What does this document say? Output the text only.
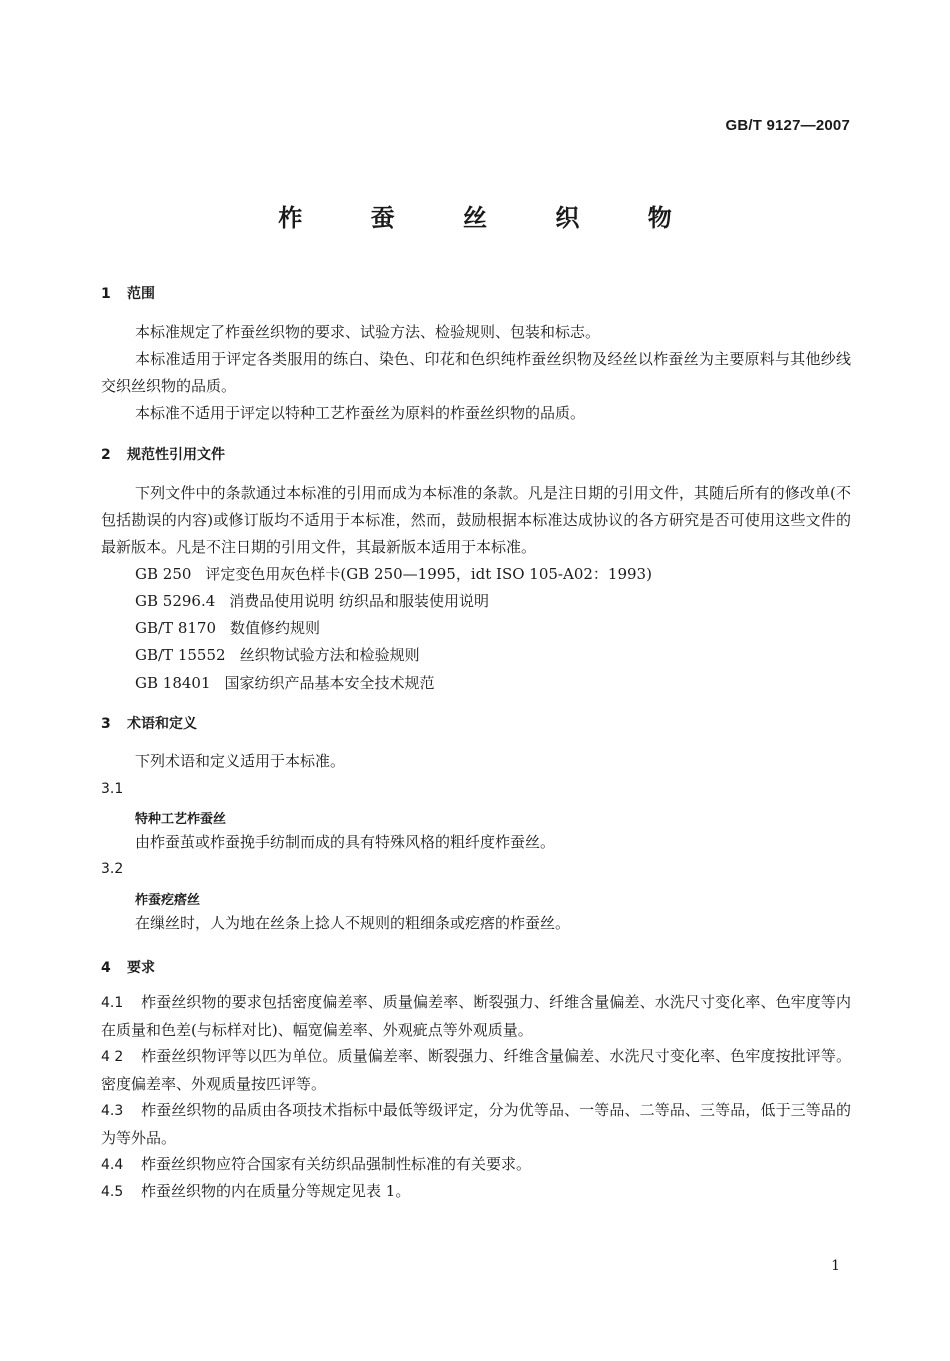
GB/T 9127—2007
柞 蚕 丝 织 物
1 范围
本标准规定了柞蚕丝织物的要求、试验方法、检验规则、包装和标志。
本标准适用于评定各类服用的练白、染色、印花和色织纯柞蚕丝织物及经丝以柞蚕丝为主要原料与其他纱线交织丝织物的品质。
本标准不适用于评定以特种工艺柞蚕丝为原料的柞蚕丝织物的品质。
2 规范性引用文件
下列文件中的条款通过本标准的引用而成为本标准的条款。凡是注日期的引用文件，其随后所有的修改单(不包括勘误的内容)或修订版均不适用于本标准，然而，鼓励根据本标准达成协议的各方研究是否可使用这些文件的最新版本。凡是不注日期的引用文件，其最新版本适用于本标准。
GB 250 评定变色用灰色样卡(GB 250—1995，idt ISO 105-A02：1993)
GB 5296.4 消费品使用说明 纺织品和服装使用说明
GB/T 8170 数值修约规则
GB/T 15552 丝织物试验方法和检验规则
GB 18401 国家纺织产品基本安全技术规范
3 术语和定义
下列术语和定义适用于本标准。
3.1
特种工艺柞蚕丝
由柞蚕茧或柞蚕挽手纺制而成的具有特殊风格的粗纤度柞蚕丝。
3.2
柞蚕疙瘩丝
在缫丝时，人为地在丝条上捻人不规则的粗细条或疙瘩的柞蚕丝。
4 要求
4.1 柞蚕丝织物的要求包括密度偏差率、质量偏差率、断裂强力、纤维含量偏差、水洗尺寸变化率、色牢度等内在质量和色差(与标样对比)、幅宽偏差率、外观疵点等外观质量。
4 2 柞蚕丝织物评等以匹为单位。质量偏差率、断裂强力、纤维含量偏差、水洗尺寸变化率、色牢度按批评等。密度偏差率、外观质量按匹评等。
4.3 柞蚕丝织物的品质由各项技术指标中最低等级评定，分为优等品、一等品、二等品、三等品，低于三等品的为等外品。
4.4 柞蚕丝织物应符合国家有关纺织品强制性标准的有关要求。
4.5 柞蚕丝织物的内在质量分等规定见表 1。
1
